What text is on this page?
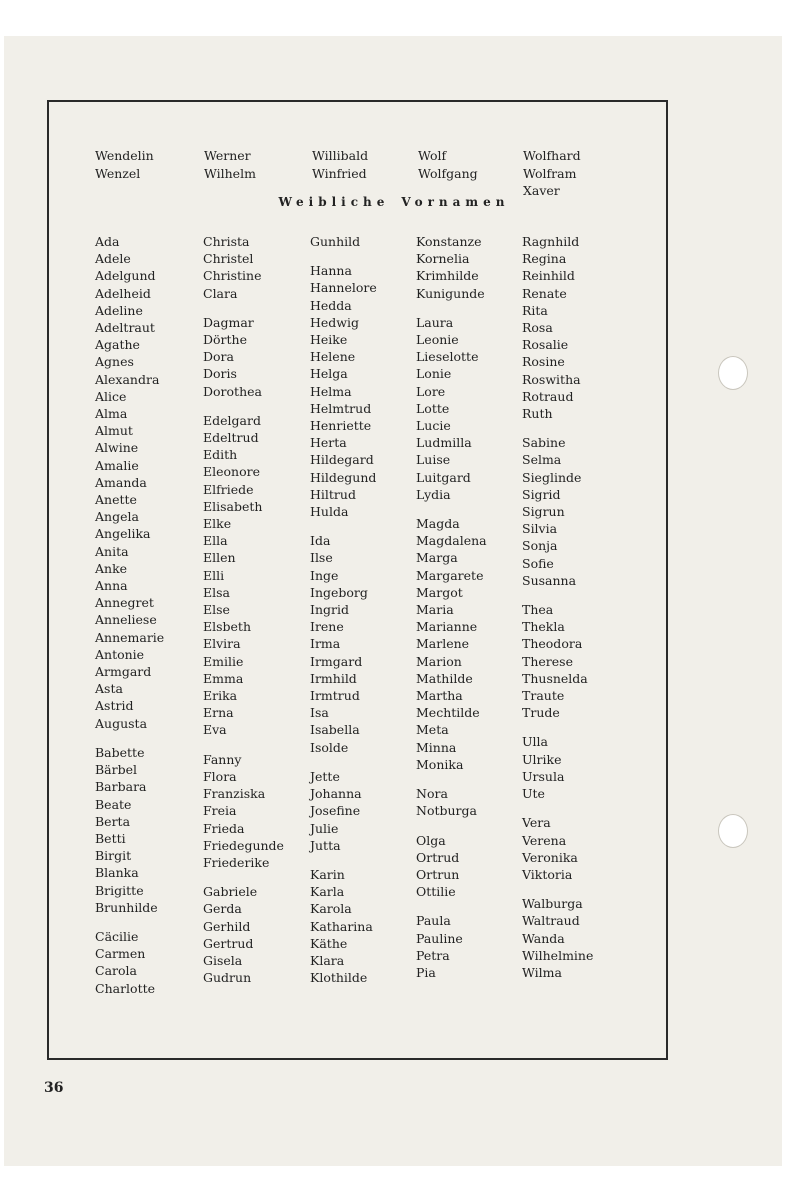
Wendelin
Wenzel
Werner
Wilhelm
Willibald
Winfried
Wolf
Wolfgang
Wolfhard
Wolfram
Xaver
Weibliche Vornamen
Ada
Adele
Adelgund
Adelheid
Adeline
Adeltraut
Agathe
Agnes
Alexandra
Alice
Alma
Almut
Alwine
Amalie
Amanda
Anette
Angela
Angelika
Anita
Anke
Anna
Annegret
Anneliese
Annemarie
Antonie
Armgard
Asta
Astrid
Augusta
Babette
Bärbel
Barbara
Beate
Berta
Betti
Birgit
Blanka
Brigitte
Brunhilde
Cäcilie
Carmen
Carola
Charlotte
Christa
Christel
Christine
Clara
Dagmar
Dörthe
Dora
Doris
Dorothea
Edelgard
Edeltrud
Edith
Eleonore
Elfriede
Elisabeth
Elke
Ella
Ellen
Elli
Elsa
Else
Elsbeth
Elvira
Emilie
Emma
Erika
Erna
Eva
Fanny
Flora
Franziska
Freia
Frieda
Friedegunde
Friederike
Gabriele
Gerda
Gerhild
Gertrud
Gisela
Gudrun
Gunhild
Hanna
Hannelore
Hedda
Hedwig
Heike
Helene
Helga
Helma
Helmtrud
Henriette
Herta
Hildegard
Hildegund
Hiltrud
Hulda
Ida
Ilse
Inge
Ingeborg
Ingrid
Irene
Irma
Irmgard
Irmhild
Irmtrud
Isa
Isabella
Isolde
Jette
Johanna
Josefine
Julie
Jutta
Karin
Karla
Karola
Katharina
Käthe
Klara
Klothilde
Konstanze
Kornelia
Krimhilde
Kunigunde
Laura
Leonie
Lieselotte
Lonie
Lore
Lotte
Lucie
Ludmilla
Luise
Luitgard
Lydia
Magda
Magdalena
Marga
Margarete
Margot
Maria
Marianne
Marlene
Marion
Mathilde
Martha
Mechtilde
Meta
Minna
Monika
Nora
Notburga
Olga
Ortrud
Ortrun
Ottilie
Paula
Pauline
Petra
Pia
Ragnhild
Regina
Reinhild
Renate
Rita
Rosa
Rosalie
Rosine
Roswitha
Rotraud
Ruth
Sabine
Selma
Sieglinde
Sigrid
Sigrun
Silvia
Sonja
Sofie
Susanna
Thea
Thekla
Theodora
Therese
Thusnelda
Traute
Trude
Ulla
Ulrike
Ursula
Ute
Vera
Verena
Veronika
Viktoria
Walburga
Waltraud
Wanda
Wilhelmine
Wilma
36
